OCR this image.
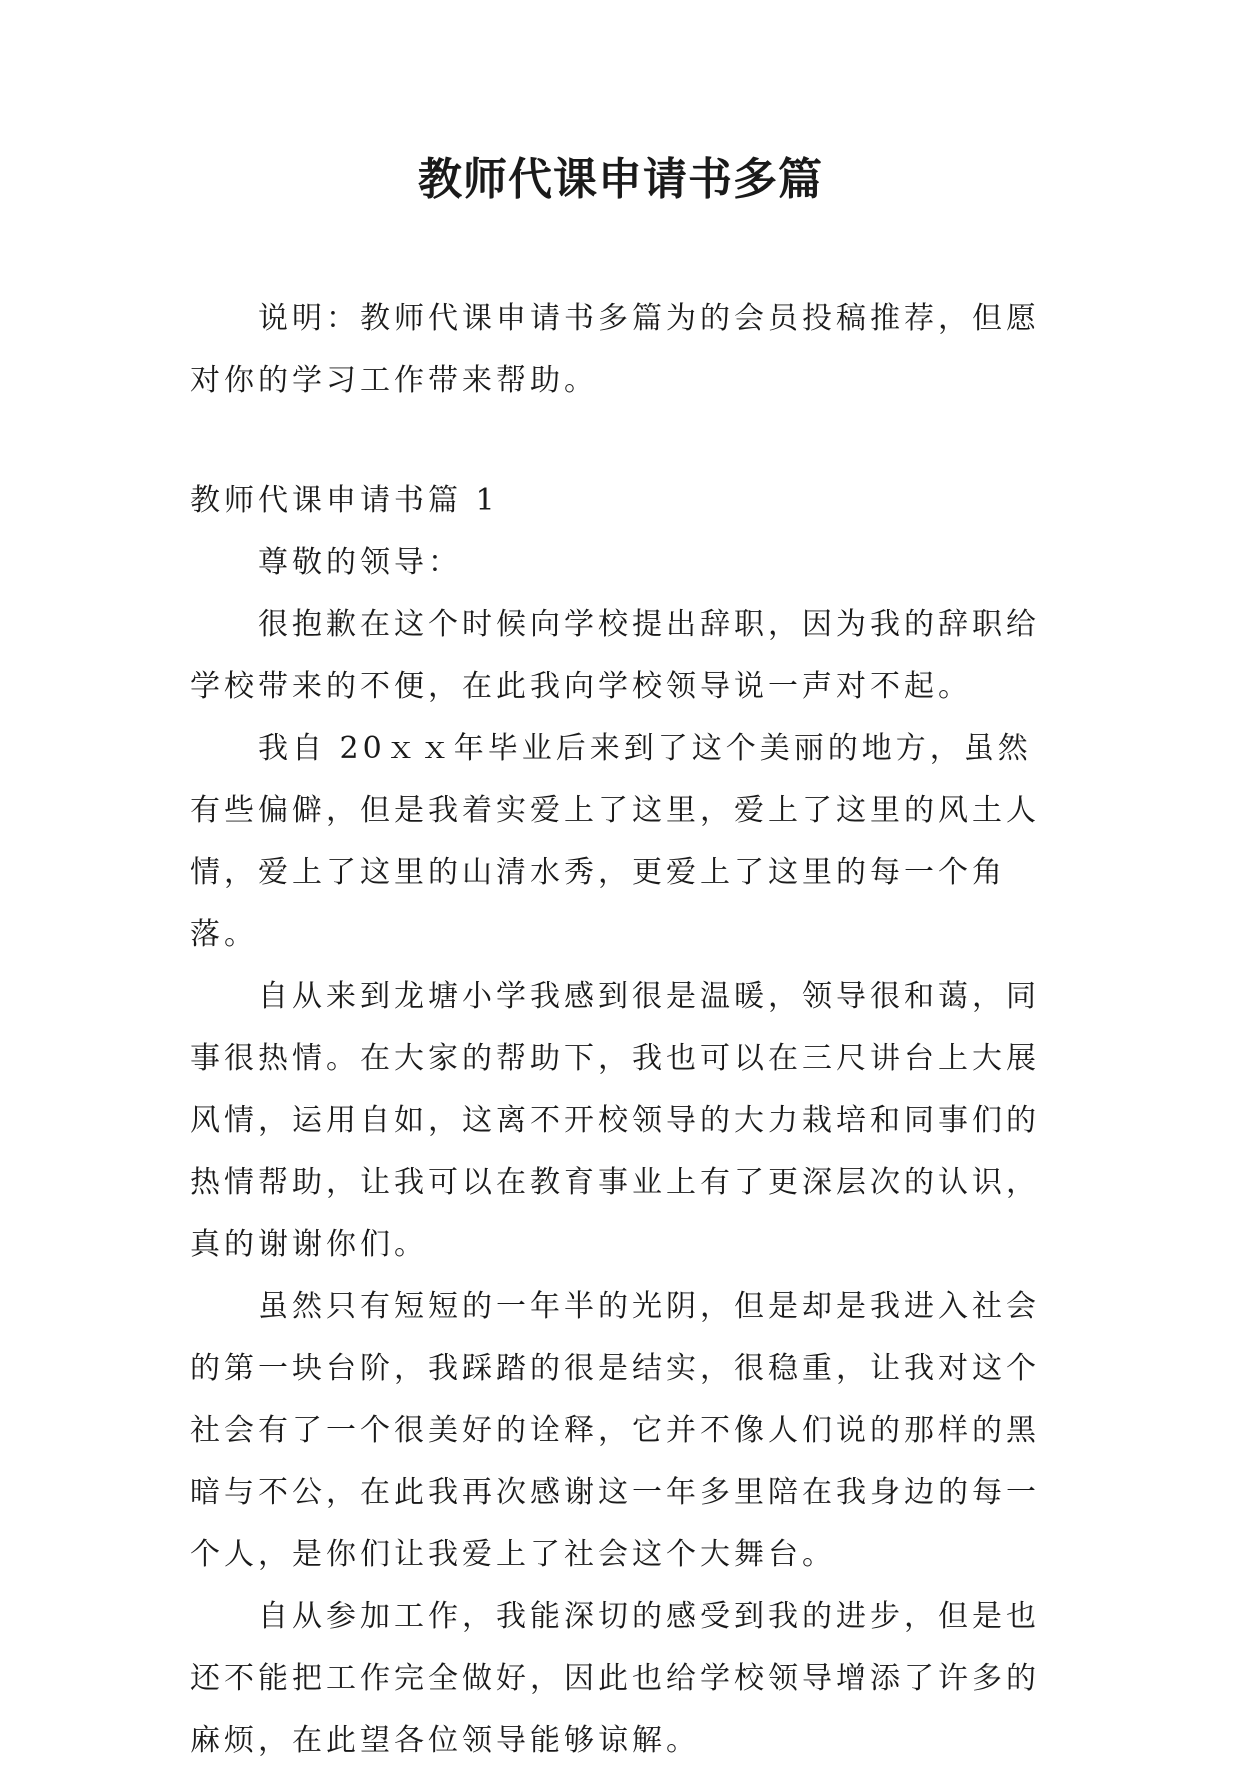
教师代课申请书多篇

说明：教师代课申请书多篇为的会员投稿推荐，但愿对你的学习工作带来帮助。

教师代课申请书篇 1

尊敬的领导：

很抱歉在这个时候向学校提出辞职，因为我的辞职给学校带来的不便，在此我向学校领导说一声对不起。

我自 20ｘｘ年毕业后来到了这个美丽的地方，虽然有些偏僻，但是我着实爱上了这里，爱上了这里的风土人情，爱上了这里的山清水秀，更爱上了这里的每一个角落。

自从来到龙塘小学我感到很是温暖，领导很和蔼，同事很热情。在大家的帮助下，我也可以在三尺讲台上大展风情，运用自如，这离不开校领导的大力栽培和同事们的热情帮助，让我可以在教育事业上有了更深层次的认识，真的谢谢你们。

虽然只有短短的一年半的光阴，但是却是我进入社会的第一块台阶，我踩踏的很是结实，很稳重，让我对这个社会有了一个很美好的诠释，它并不像人们说的那样的黑暗与不公，在此我再次感谢这一年多里陪在我身边的每一个人，是你们让我爱上了社会这个大舞台。

自从参加工作，我能深切的感受到我的进步，但是也还不能把工作完全做好，因此也给学校领导增添了许多的麻烦，在此望各位领导能够谅解。
